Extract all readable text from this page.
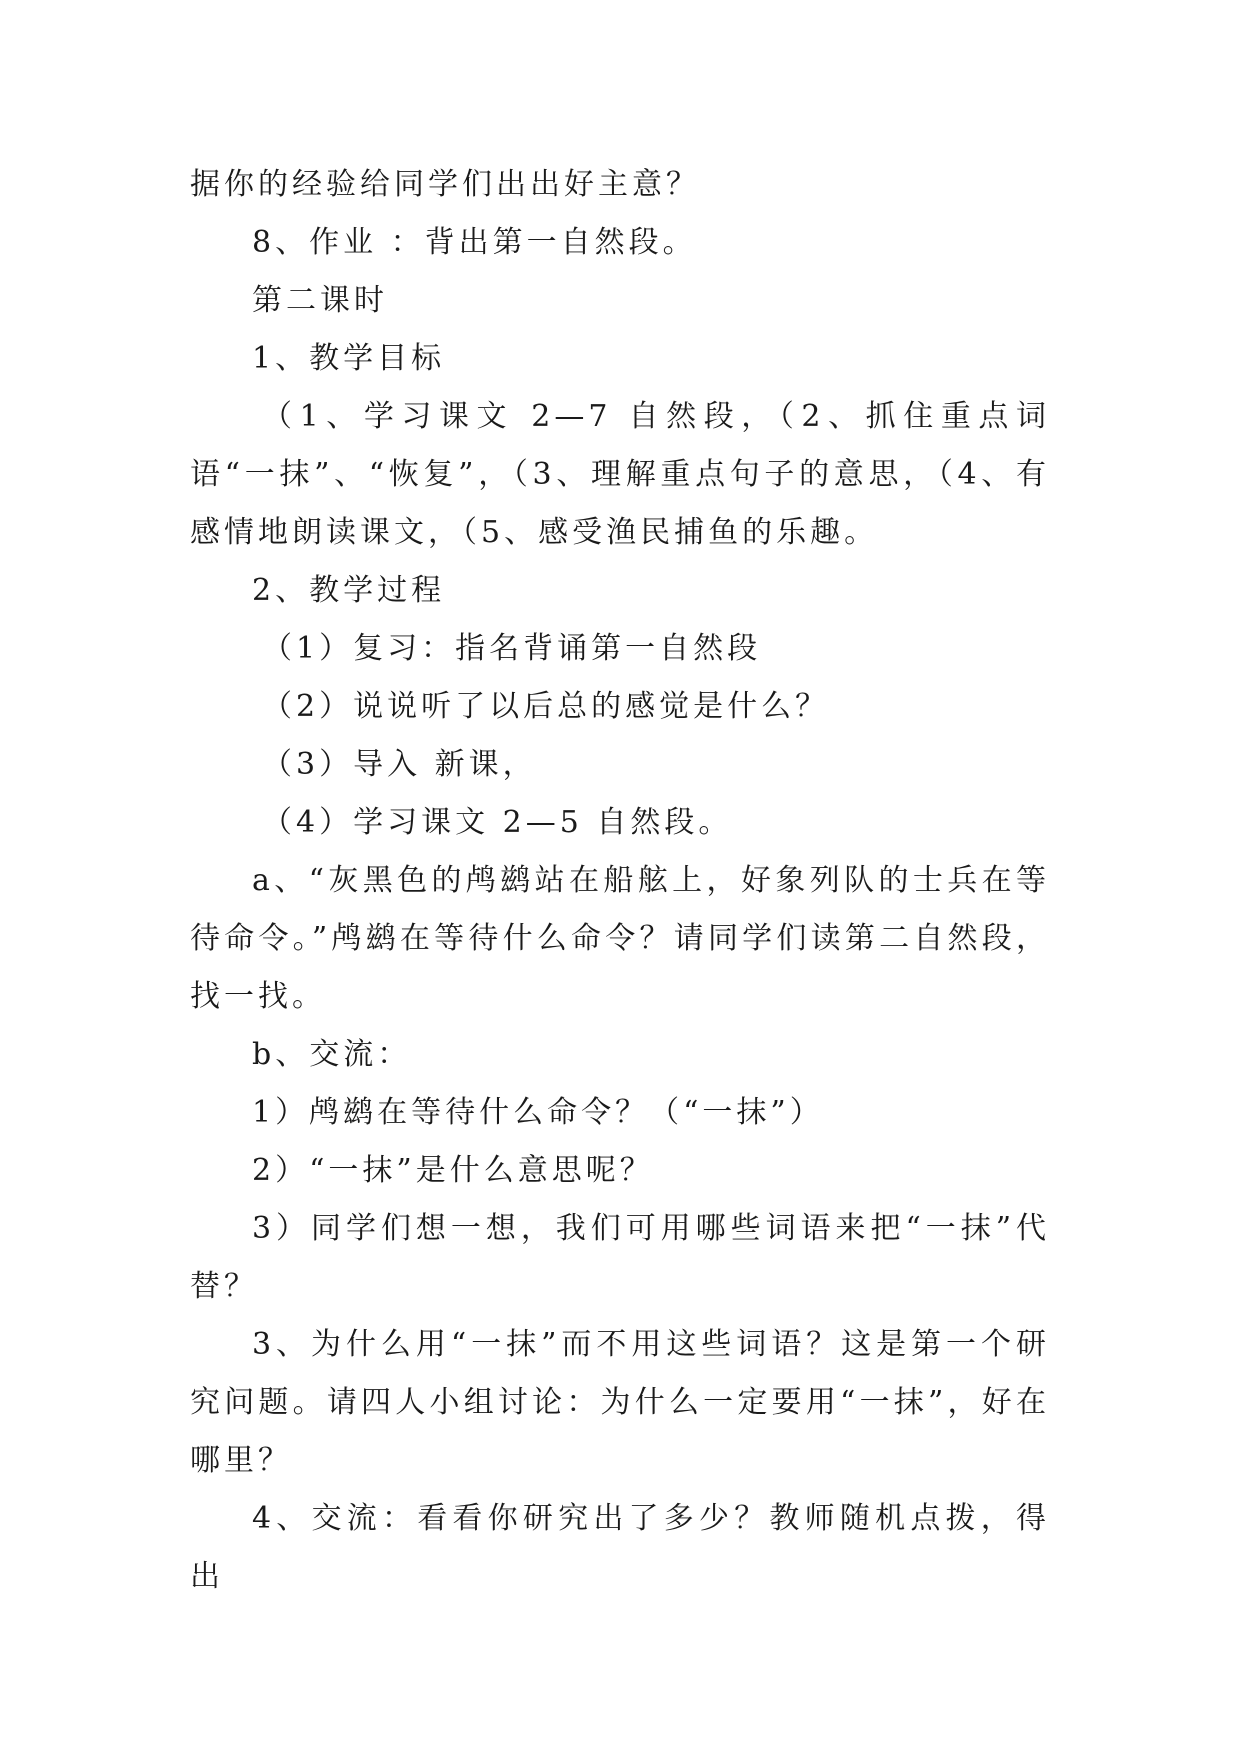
据你的经验给同学们出出好主意？

8、作业 ：背出第一自然段。

第二课时

1、教学目标

（1、学习课文 2—7 自然段，（2、抓住重点词语“一抹”、“恢复”，（3、理解重点句子的意思，（4、有感情地朗读课文，（5、感受渔民捕鱼的乐趣。

2、教学过程

（1）复习：指名背诵第一自然段

（2）说说听了以后总的感觉是什么？

（3）导入 新课，

（4）学习课文 2—5 自然段。

a、“灰黑色的鸬鹚站在船舷上，好象列队的士兵在等待命令。”鸬鹚在等待什么命令？请同学们读第二自然段，找一找。

b、交流：

1）鸬鹚在等待什么命令？（“一抹”）

2）“一抹”是什么意思呢？

3）同学们想一想，我们可用哪些词语来把“一抹”代替？

3、为什么用“一抹”而不用这些词语？这是第一个研究问题。请四人小组讨论：为什么一定要用“一抹”，好在哪里？

4、交流：看看你研究出了多少？教师随机点拨，得出
